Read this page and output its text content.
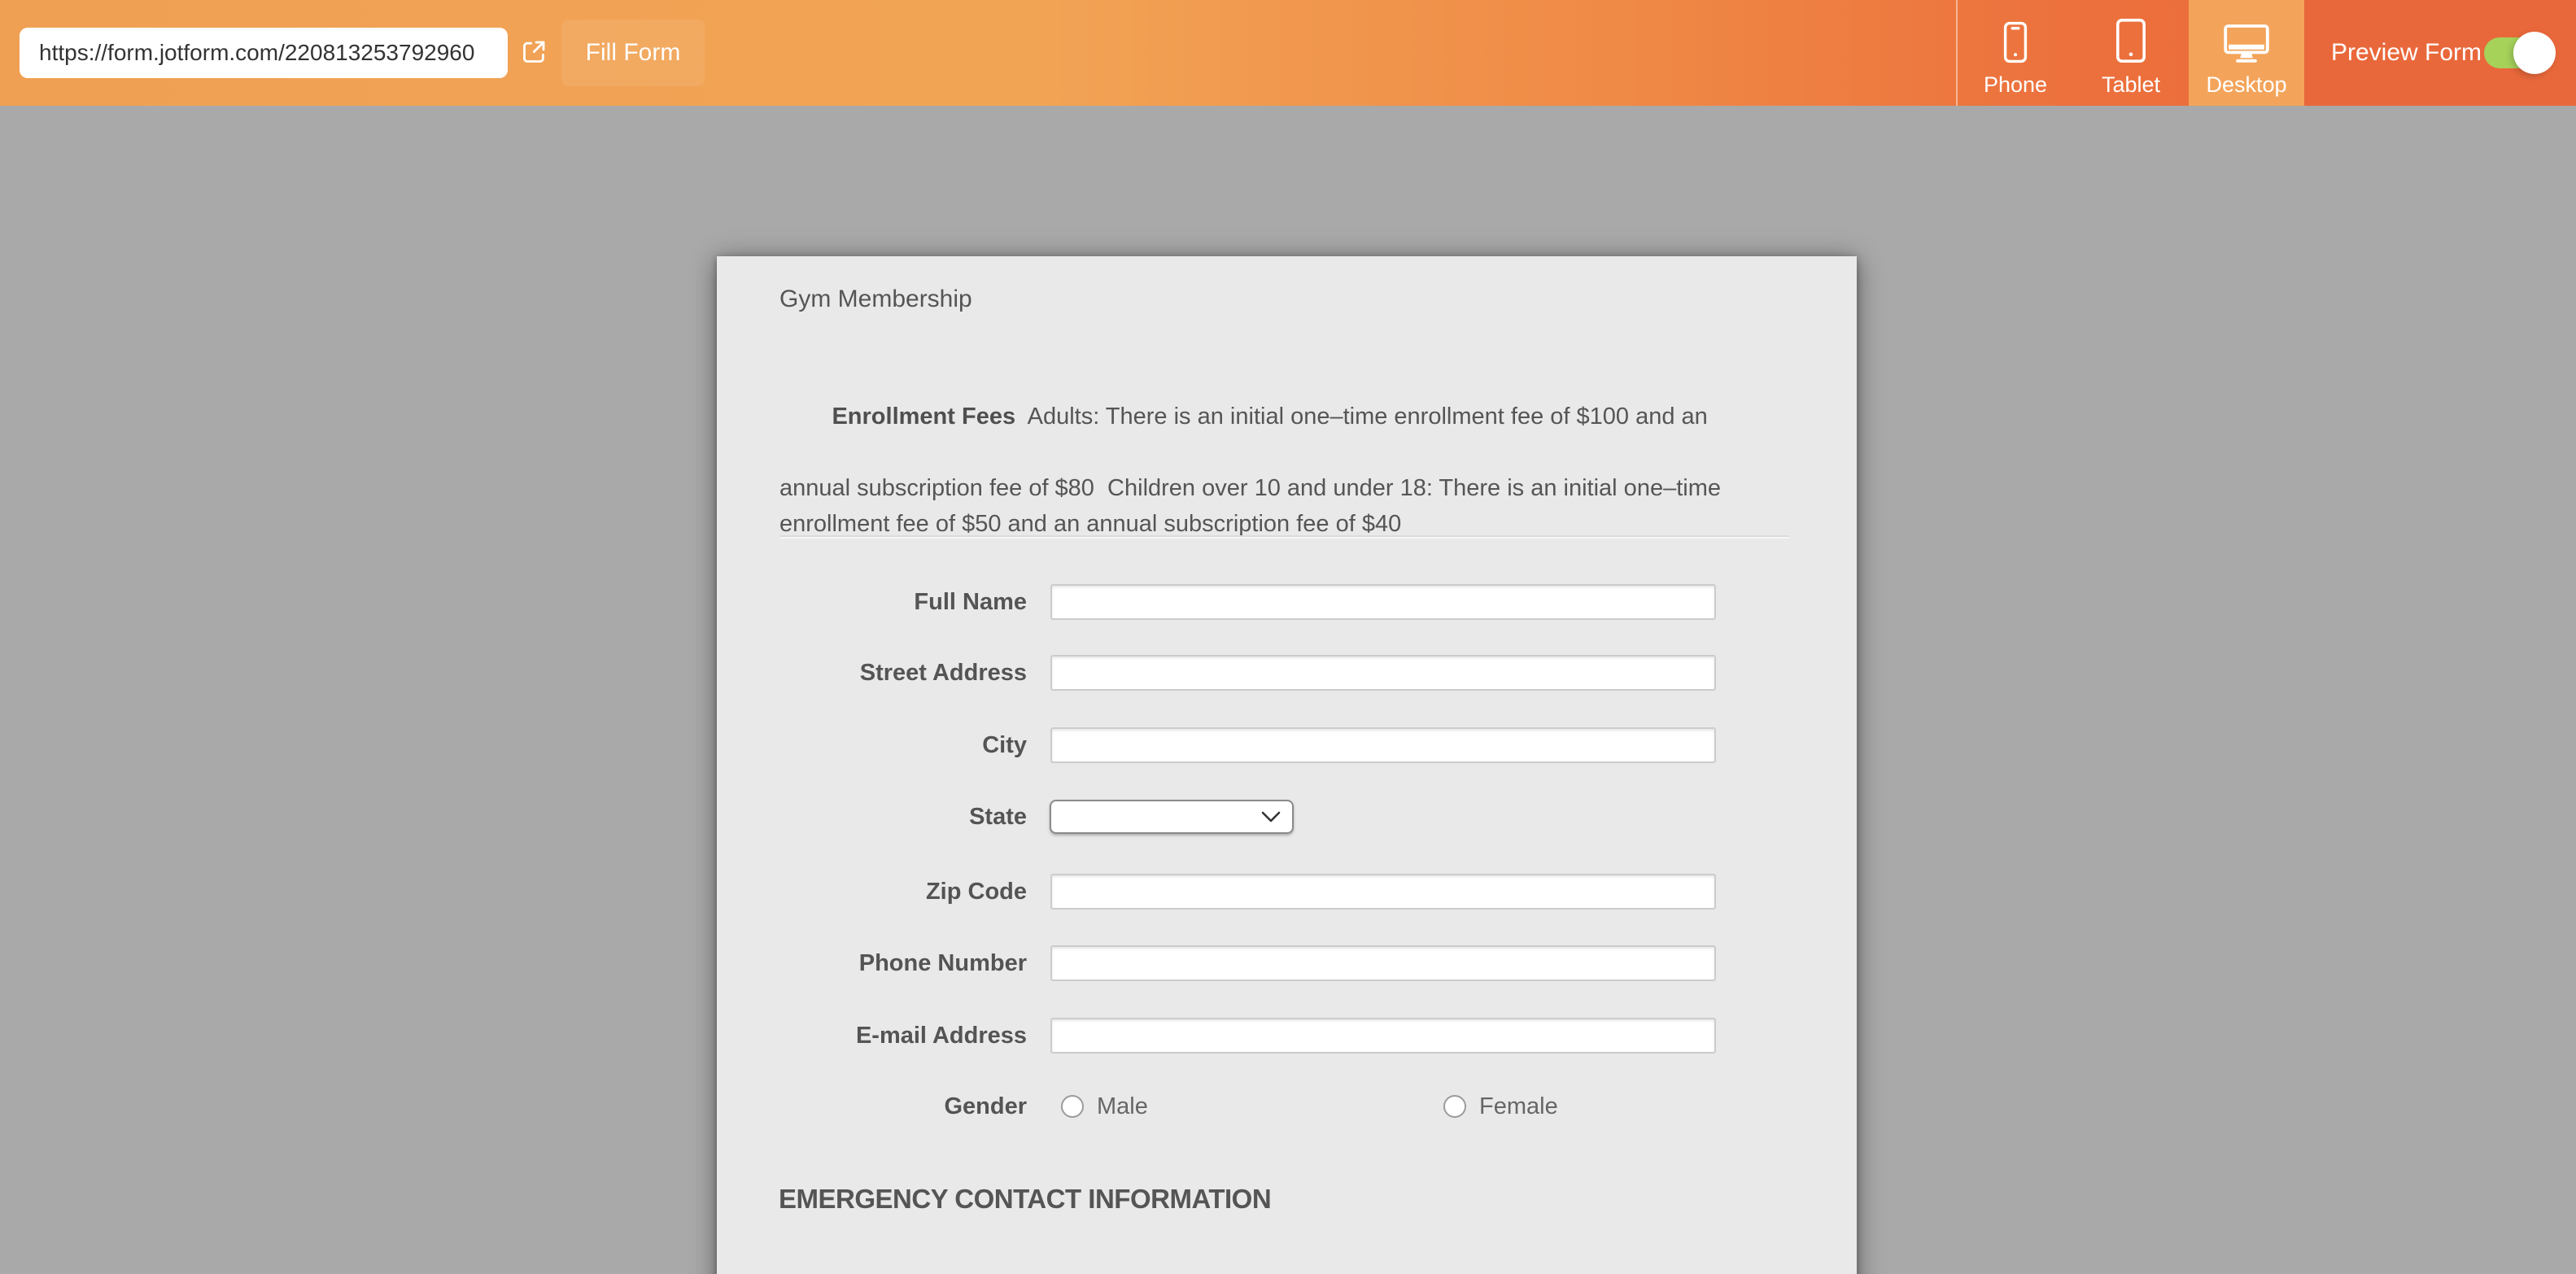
https://form.jotform.com/220813253792960
Fill Form
Phone Tablet Desktop
Preview Form
Gym Membership

Enrollment Fees  Adults: There is an initial one–time enrollment fee of $100 and an

annual subscription fee of $80  Children over 10 and under 18: There is an initial one–time
enrollment fee of $50 and an annual subscription fee of $40
Full Name
Street Address
City
State
Zip Code
Phone Number
E-mail Address
Gender	Male	Female
EMERGENCY CONTACT INFORMATION
